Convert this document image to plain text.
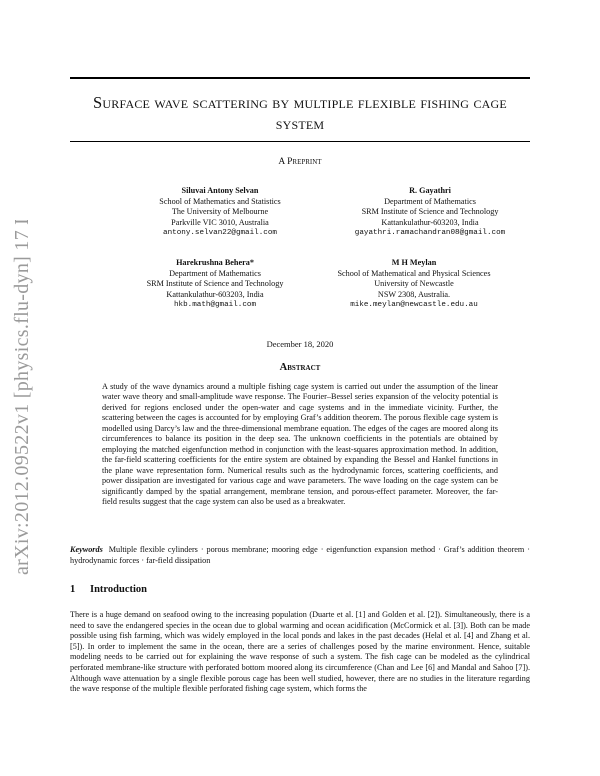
arXiv:2012.09522v1 [physics.flu-dyn] 17 Dec 2020
Surface wave scattering by multiple flexible fishing cage system
A Preprint
Siluvai Antony Selvan
School of Mathematics and Statistics
The University of Melbourne
Parkville VIC 3010, Australia
antony.selvan22@gmail.com
R. Gayathri
Department of Mathematics
SRM Institute of Science and Technology
Kattankulathur-603203, India
gayathri.ramachandran08@gmail.com
Harekrushna Behera*
Department of Mathematics
SRM Institute of Science and Technology
Kattankulathur-603203, India
hkb.math@gmail.com
M H Meylan
School of Mathematical and Physical Sciences
University of Newcastle
NSW 2308, Australia.
mike.meylan@newcastle.edu.au
December 18, 2020
Abstract
A study of the wave dynamics around a multiple fishing cage system is carried out under the assumption of the linear water wave theory and small-amplitude wave response. The Fourier–Bessel series expansion of the velocity potential is derived for regions enclosed under the open-water and cage systems and in the immediate vicinity. Further, the scattering between the cages is accounted for by employing Graf’s addition theorem. The porous flexible cage system is modelled using Darcy’s law and the three-dimensional membrane equation. The edges of the cages are moored along its circumferences to balance its position in the deep sea. The unknown coefficients in the potentials are obtained by employing the matched eigenfunction method in conjunction with the least-squares approximation method. In addition, the far-field scattering coefficients for the entire system are obtained by expanding the Bessel and Hankel functions in the plane wave representation form. Numerical results such as the hydrodynamic forces, scattering coefficients, and power dissipation are investigated for various cage and wave parameters. The wave loading on the cage system can be significantly damped by the spatial arrangement, membrane tension, and porous-effect parameter. Moreover, the far-field results suggest that the cage system can also be used as a breakwater.
Keywords Multiple flexible cylinders · porous membrane; mooring edge · eigenfunction expansion method · Graf’s addition theorem · hydrodynamic forces · far-field dissipation
1 Introduction
There is a huge demand on seafood owing to the increasing population (Duarte et al. [1] and Golden et al. [2]). Simultaneously, there is a need to save the endangered species in the ocean due to global warming and ocean acidification (McCormick et al. [3]). Both can be made possible using fish farming, which was widely employed in the local ponds and lakes in the past decades (Helal et al. [4] and Zhang et al. [5]). In order to implement the same in the ocean, there are a series of challenges posed by the marine environment. Hence, suitable modeling needs to be carried out for explaining the wave response of such a system. The fish cage can be modeled as the cylindrical perforated membrane-like structure with perforated bottom moored along its circumference (Chan and Lee [6] and Mandal and Sahoo [7]). Although wave attenuation by a single flexible porous cage has been well studied, however, there are no studies in the literature regarding the wave response of the multiple flexible perforated fishing cage system, which forms the
